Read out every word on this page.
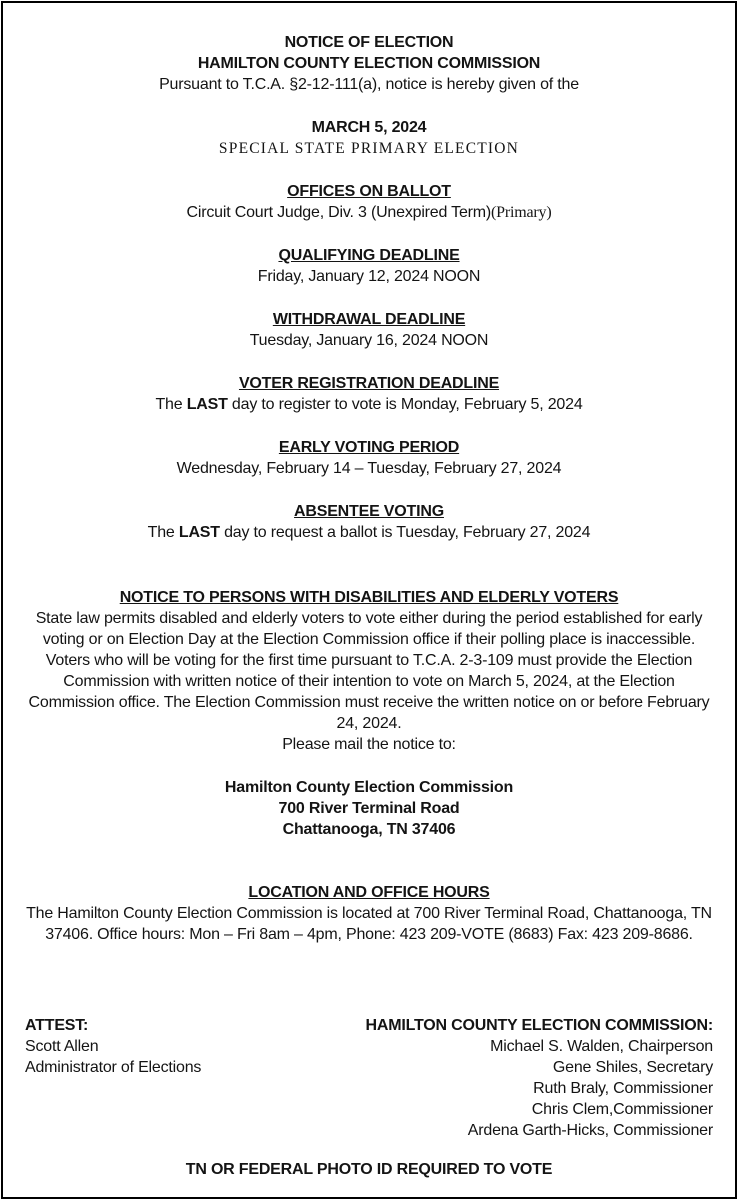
NOTICE OF ELECTION
HAMILTON COUNTY ELECTION COMMISSION
Pursuant to T.C.A. §2-12-111(a), notice is hereby given of the
MARCH 5, 2024
SPECIAL STATE PRIMARY ELECTION
OFFICES ON BALLOT
Circuit Court Judge, Div. 3 (Unexpired Term)(Primary)
QUALIFYING DEADLINE
Friday, January 12, 2024 NOON
WITHDRAWAL DEADLINE
Tuesday, January 16, 2024 NOON
VOTER REGISTRATION DEADLINE
The LAST day to register to vote is Monday, February 5, 2024
EARLY VOTING PERIOD
Wednesday, February 14 – Tuesday, February 27, 2024
ABSENTEE VOTING
The LAST day to request a ballot is Tuesday, February 27, 2024
NOTICE TO PERSONS WITH DISABILITIES AND ELDERLY VOTERS
State law permits disabled and elderly voters to vote either during the period established for early voting or on Election Day at the Election Commission office if their polling place is inaccessible. Voters who will be voting for the first time pursuant to T.C.A. 2-3-109 must provide the Election Commission with written notice of their intention to vote on March 5, 2024, at the Election Commission office. The Election Commission must receive the written notice on or before February 24, 2024.
Please mail the notice to:
Hamilton County Election Commission
700 River Terminal Road
Chattanooga, TN 37406
LOCATION AND OFFICE HOURS
The Hamilton County Election Commission is located at 700 River Terminal Road, Chattanooga, TN 37406. Office hours: Mon – Fri 8am – 4pm, Phone: 423 209-VOTE (8683) Fax: 423 209-8686.
ATTEST:
Scott Allen
Administrator of Elections
HAMILTON COUNTY ELECTION COMMISSION:
Michael S. Walden, Chairperson
Gene Shiles, Secretary
Ruth Braly, Commissioner
Chris Clem,Commissioner
Ardena Garth-Hicks, Commissioner
TN OR FEDERAL PHOTO ID REQUIRED TO VOTE
